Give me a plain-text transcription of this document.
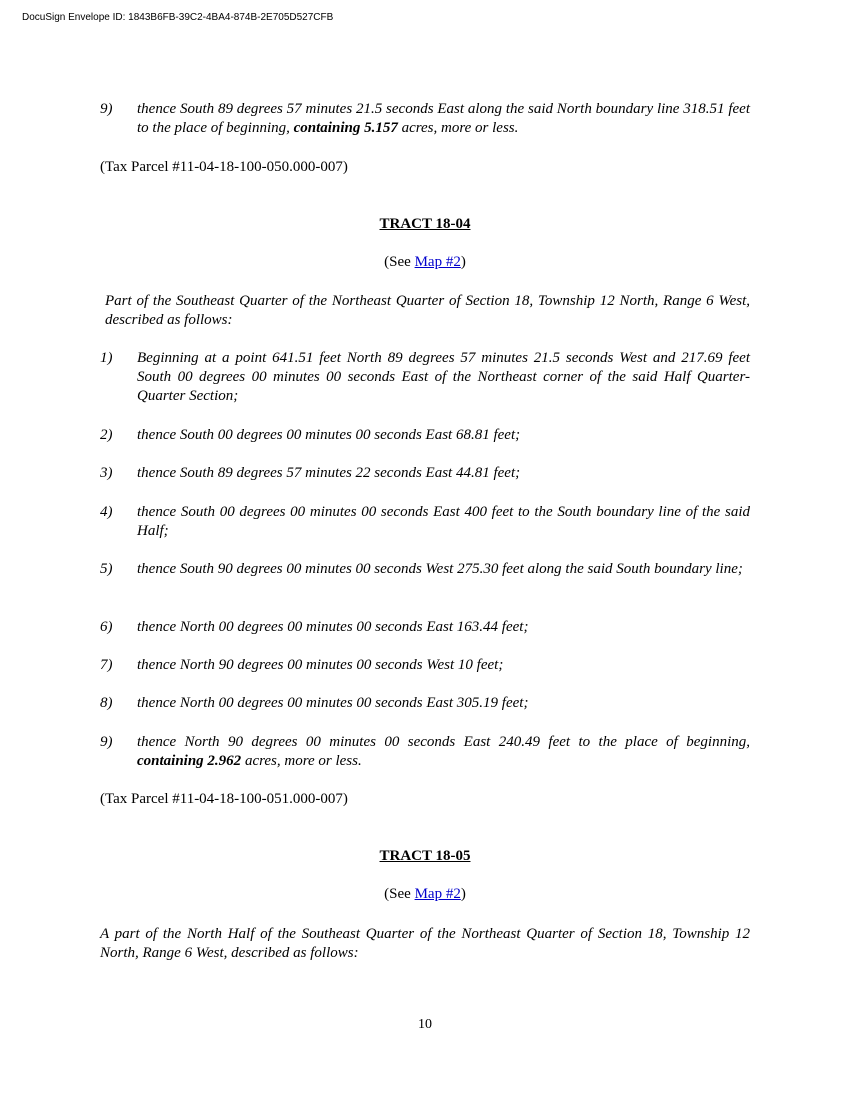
DocuSign Envelope ID: 1843B6FB-39C2-4BA4-874B-2E705D527CFB
9)	thence South 89 degrees 57 minutes 21.5 seconds East along the said North boundary line 318.51 feet to the place of beginning, containing 5.157 acres, more or less.
(Tax Parcel #11-04-18-100-050.000-007)
TRACT 18-04
(See Map #2)
Part of the Southeast Quarter of the Northeast Quarter of Section 18, Township 12 North, Range 6 West, described as follows:
1)	Beginning at a point 641.51 feet North 89 degrees 57 minutes 21.5 seconds West and 217.69 feet South 00 degrees 00 minutes 00 seconds East of the Northeast corner of the said Half Quarter-Quarter Section;
2)	thence South 00 degrees 00 minutes 00 seconds East 68.81 feet;
3)	thence South 89 degrees 57 minutes 22 seconds East 44.81 feet;
4)	thence South 00 degrees 00 minutes 00 seconds East 400 feet to the South boundary line of the said Half;
5)	thence South 90 degrees 00 minutes 00 seconds West 275.30 feet along the said South boundary line;
6)	thence North 00 degrees 00 minutes 00 seconds East 163.44 feet;
7)	thence North 90 degrees 00 minutes 00 seconds West 10 feet;
8)	thence North 00 degrees 00 minutes 00 seconds East 305.19 feet;
9)	thence North 90 degrees 00 minutes 00 seconds East 240.49 feet to the place of beginning, containing 2.962 acres, more or less.
(Tax Parcel #11-04-18-100-051.000-007)
TRACT 18-05
(See Map #2)
A part of the North Half of the Southeast Quarter of the Northeast Quarter of Section 18, Township 12 North, Range 6 West, described as follows:
10
